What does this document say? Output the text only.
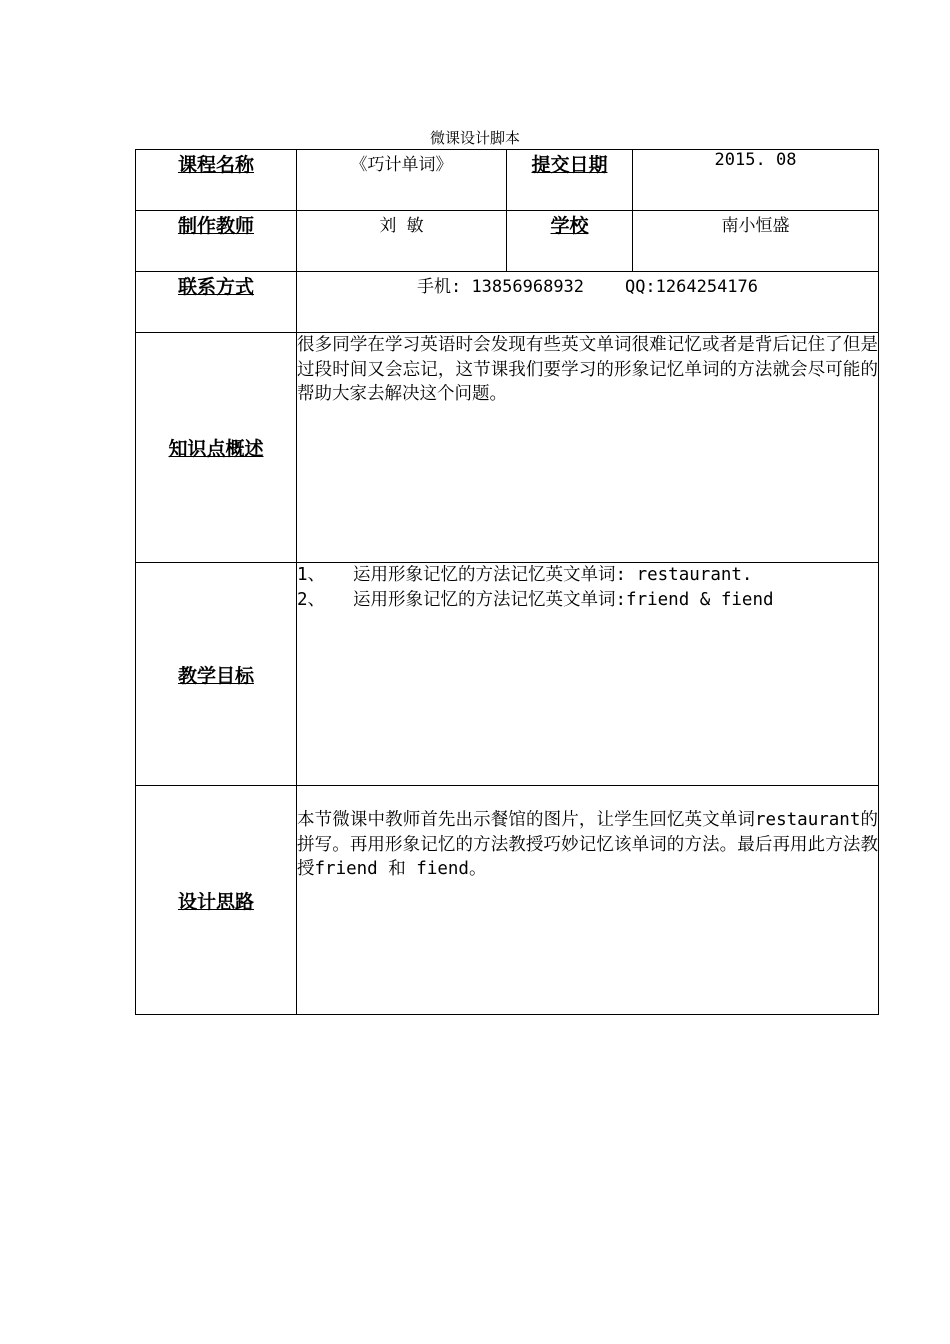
微课设计脚本
课程名称	《巧计单词》	提交日期	2015. 08
制作教师	刘 敏	学校	南小恒盛
联系方式	手机: 13856968932    QQ:1264254176		
知识点概述	很多同学在学习英语时会发现有些英文单词很难记忆或者是背后记住了但是过段时间又会忘记，这节课我们要学习的形象记忆单词的方法就会尽可能的帮助大家去解决这个问题。		
教学目标	1、 运用形象记忆的方法记忆英文单词: restaurant.
2、 运用形象记忆的方法记忆英文单词:friend & fiend		

设计思路	本节微课中教师首先出示餐馆的图片，让学生回忆英文单词restaurant的拼写。再用形象记忆的方法教授巧妙记忆该单词的方法。最后再用此方法教授friend 和 fiend。		
